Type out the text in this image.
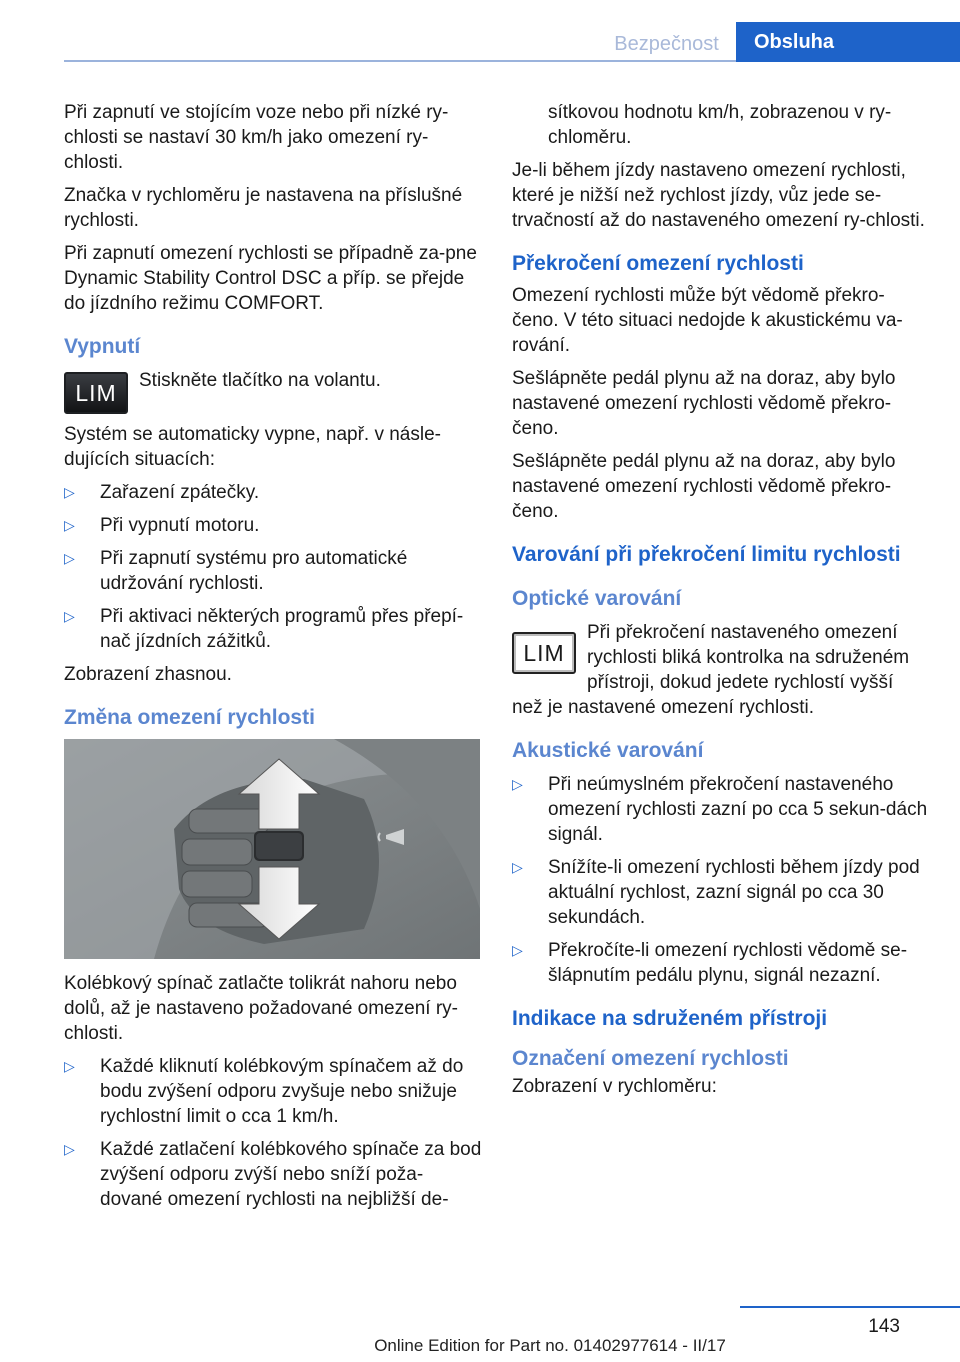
Bezpečnost	Obsluha

Při zapnutí ve stojícím voze nebo při nízké ry‐chlosti se nastaví 30 km/h jako omezení ry‐chlosti.

Značka v rychloměru je nastavena na příslušné rychlosti.

Při zapnutí omezení rychlosti se případně za‐pne Dynamic Stability Control DSC a příp. se přejde do jízdního režimu COMFORT.

Vypnutí
LIM	Stiskněte tlačítko na volantu.

Systém se automaticky vypne, např. v násle‐dujících situacích:

▷ Zařazení zpátečky.
▷ Při vypnutí motoru.
▷ Při zapnutí systému pro automatické udržování rychlosti.
▷ Při aktivaci některých programů přes přepí‐nač jízdních zážitků.

Zobrazení zhasnou.

Změna omezení rychlosti

Kolébkový spínač zatlačte tolikrát nahoru nebo dolů, až je nastaveno požadované omezení ry‐chlosti.

▷ Každé kliknutí kolébkovým spínačem až do bodu zvýšení odporu zvyšuje nebo snižuje rychlostní limit o cca 1 km/h.
▷ Každé zatlačení kolébkového spínače za bod zvýšení odporu zvýší nebo sníží poža‐dované omezení rychlosti na nejbližší de‐

sítkovou hodnotu km/h, zobrazenou v ry‐chloměru.

Je-li během jízdy nastaveno omezení rychlosti, které je nižší než rychlost jízdy, vůz jede se‐trvačností až do nastaveného omezení ry‐chlosti.

Překročení omezení rychlosti

Omezení rychlosti může být vědomě překro‐čeno. V této situaci nedojde k akustickému va‐rování.

Sešlápněte pedál plynu až na doraz, aby bylo nastavené omezení rychlosti vědomě překro‐čeno.

Sešlápněte pedál plynu až na doraz, aby bylo nastavené omezení rychlosti vědomě překro‐čeno.

Varování při překročení limitu rychlosti
Optické varování
LIM
Při překročení nastaveného omezení rychlosti bliká kontrolka na sdruženém přístroji, dokud jedete rychlostí vyšší

než je nastavené omezení rychlosti.

Akustické varování
▷ Při neúmyslném překročení nastaveného omezení rychlosti zazní po cca 5 sekun‐dách signál.
▷ Snížíte-li omezení rychlosti během jízdy pod aktuální rychlost, zazní signál po cca 30 sekundách.
▷ Překročíte-li omezení rychlosti vědomě se‐šlápnutím pedálu plynu, signál nezazní.
Indikace na sdruženém přístroji
Označení omezení rychlosti

Zobrazení v rychloměru:

143
Online Edition for Part no. 01402977614 - II/17
